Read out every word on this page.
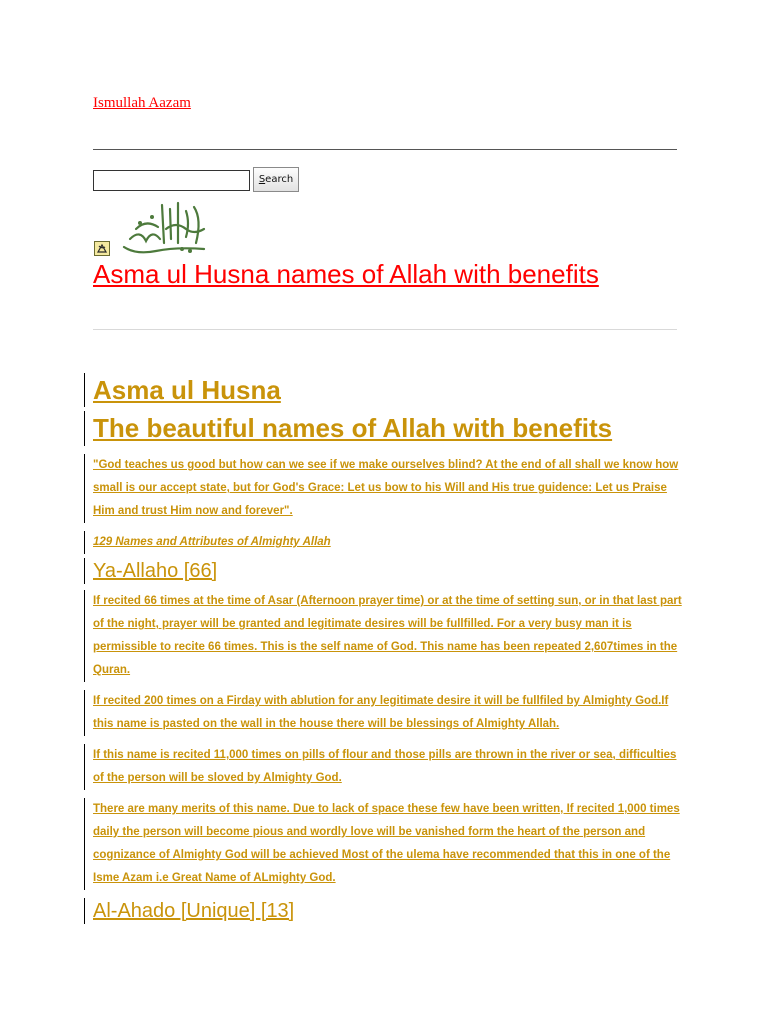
Ismullah Aazam
Search
Asma ul Husna names of Allah with benefits

Asma ul Husna

The beautiful names of Allah with benefits

"God teaches us good but how can we see if we make ourselves blind? At the end of all shall we know how small is our accept state, but for God's Grace: Let us bow to his Will and His true guidence: Let us Praise Him and trust Him now and forever".

129 Names and Attributes of Almighty Allah

Ya-Allaho [66]

If recited 66 times at the time of Asar (Afternoon prayer time) or at the time of setting sun, or in that last part of the night, prayer will be granted and legitimate desires will be fullfilled. For a very busy man it is permissible to recite 66 times. This is the self name of God. This name has been repeated 2,607times in the Quran.

If recited 200 times on a Firday with ablution for any legitimate desire it will be fullfiled by Almighty God.If this name is pasted on the wall in the house there will be blessings of Almighty Allah.

If this name is recited 11,000 times on pills of flour and those pills are thrown in the river or sea, difficulties of the person will be sloved by Almighty God.

There are many merits of this name. Due to lack of space these few have been written, If recited 1,000 times daily the person will become pious and wordly love will be vanished form the heart of the person and cognizance of Almighty God will be achieved Most of the ulema have recommended that this in one of the Isme Azam i.e Great Name of ALmighty God.

Al-Ahado [Unique] [13]
